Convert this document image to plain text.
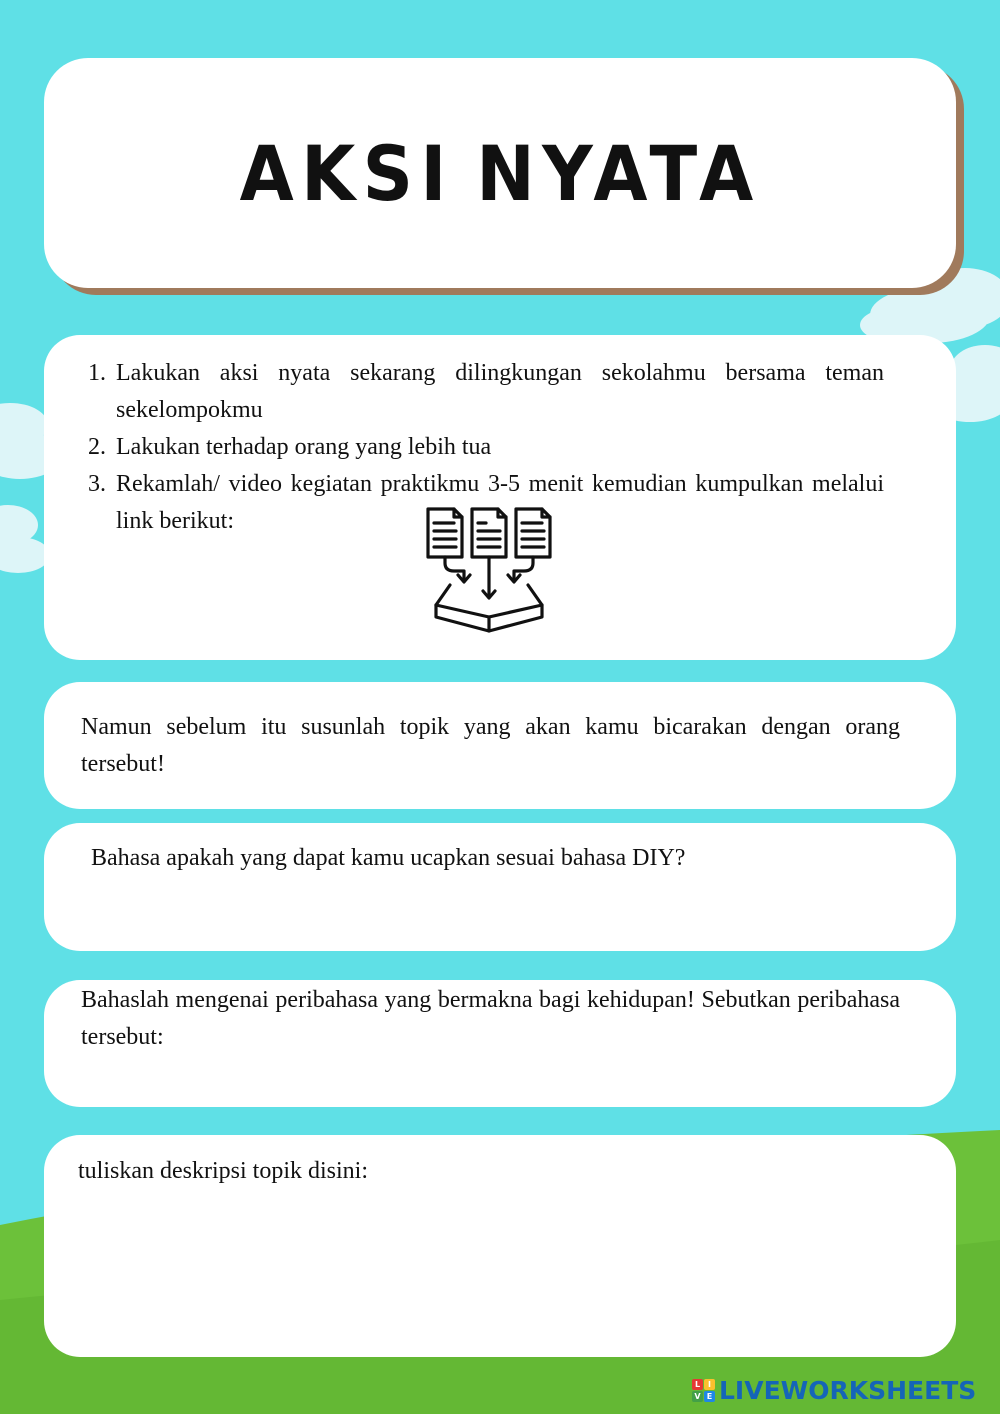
AKSI NYATA
1. Lakukan aksi nyata sekarang dilingkungan sekolahmu bersama teman sekelompokmu
2. Lakukan terhadap orang yang lebih tua
3. Rekamlah/ video kegiatan praktikmu 3-5 menit kemudian kumpulkan melalui link berikut:

Namun sebelum itu susunlah topik yang akan kamu bicarakan dengan orang tersebut!

Bahasa apakah yang dapat kamu ucapkan sesuai bahasa DIY?

Bahaslah mengenai peribahasa yang bermakna bagi kehidupan! Sebutkan peribahasa tersebut:

tuliskan deskripsi topik disini:

L I
V E LIVEWORKSHEETS
